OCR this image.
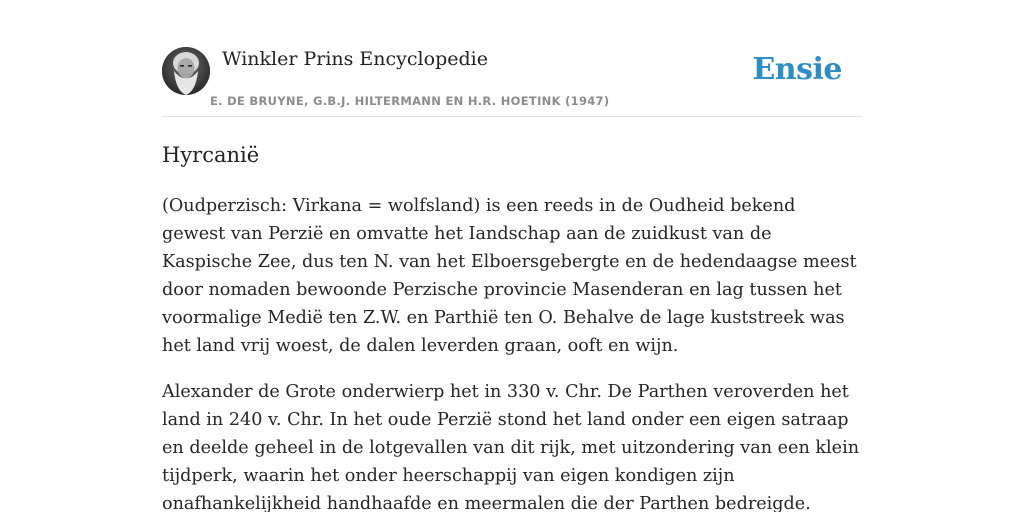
Winkler Prins Encyclopedie
E. DE BRUYNE, G.B.J. HILTERMANN EN H.R. HOETINK (1947)
Ensie
Hyrcanië

(Oudperzisch: Virkana = wolfsland) is een reeds in de Oudheid bekend gewest van Perzië en omvatte het Iandschap aan de zuidkust van de Kaspische Zee, dus ten N. van het Elboersgebergte en de hedendaagse meest door nomaden bewoonde Perzische provincie Masenderan en lag tussen het voormalige Medië ten Z.W. en Parthië ten O. Behalve de lage kuststreek was het land vrij woest, de dalen leverden graan, ooft en wijn.

Alexander de Grote onderwierp het in 330 v. Chr. De Parthen veroverden het land in 240 v. Chr. In het oude Perzië stond het land onder een eigen satraap en deelde geheel in de lotgevallen van dit rijk, met uitzondering van een klein tijdperk, waarin het onder heerschappij van eigen kondigen zijn onafhankelijkheid handhaafde en meermalen die der Parthen bedreigde.
